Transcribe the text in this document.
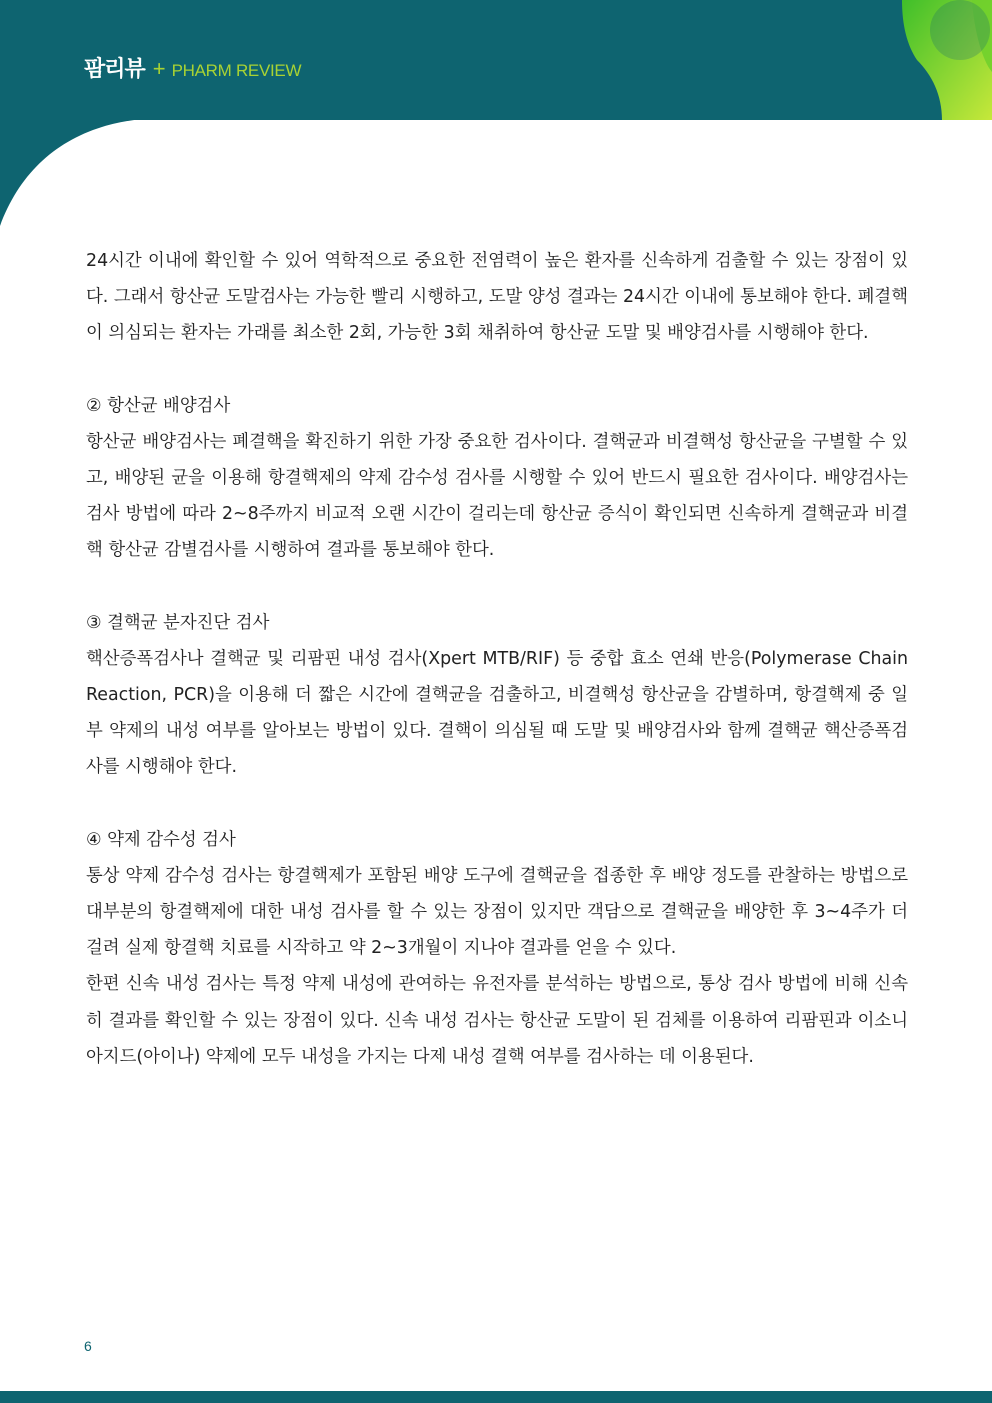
팜리뷰 + PHARM REVIEW

24시간 이내에 확인할 수 있어 역학적으로 중요한 전염력이 높은 환자를 신속하게 검출할 수 있는 장점이 있다. 그래서 항산균 도말검사는 가능한 빨리 시행하고, 도말 양성 결과는 24시간 이내에 통보해야 한다. 폐결핵이 의심되는 환자는 가래를 최소한 2회, 가능한 3회 채취하여 항산균 도말 및 배양검사를 시행해야 한다.

② 항산균 배양검사

항산균 배양검사는 폐결핵을 확진하기 위한 가장 중요한 검사이다. 결핵균과 비결핵성 항산균을 구별할 수 있고, 배양된 균을 이용해 항결핵제의 약제 감수성 검사를 시행할 수 있어 반드시 필요한 검사이다. 배양검사는 검사 방법에 따라 2~8주까지 비교적 오랜 시간이 걸리는데 항산균 증식이 확인되면 신속하게 결핵균과 비결핵 항산균 감별검사를 시행하여 결과를 통보해야 한다.

③ 결핵균 분자진단 검사

핵산증폭검사나 결핵균 및 리팜핀 내성 검사(Xpert MTB/RIF) 등 중합 효소 연쇄 반응(Polymerase Chain Reaction, PCR)을 이용해 더 짧은 시간에 결핵균을 검출하고, 비결핵성 항산균을 감별하며, 항결핵제 중 일부 약제의 내성 여부를 알아보는 방법이 있다. 결핵이 의심될 때 도말 및 배양검사와 함께 결핵균 핵산증폭검사를 시행해야 한다.

④ 약제 감수성 검사

통상 약제 감수성 검사는 항결핵제가 포함된 배양 도구에 결핵균을 접종한 후 배양 정도를 관찰하는 방법으로 대부분의 항결핵제에 대한 내성 검사를 할 수 있는 장점이 있지만 객담으로 결핵균을 배양한 후 3~4주가 더 걸려 실제 항결핵 치료를 시작하고 약 2~3개월이 지나야 결과를 얻을 수 있다.

한편 신속 내성 검사는 특정 약제 내성에 관여하는 유전자를 분석하는 방법으로, 통상 검사 방법에 비해 신속히 결과를 확인할 수 있는 장점이 있다. 신속 내성 검사는 항산균 도말이 된 검체를 이용하여 리팜핀과 이소니아지드(아이나) 약제에 모두 내성을 가지는 다제 내성 결핵 여부를 검사하는 데 이용된다.

6
